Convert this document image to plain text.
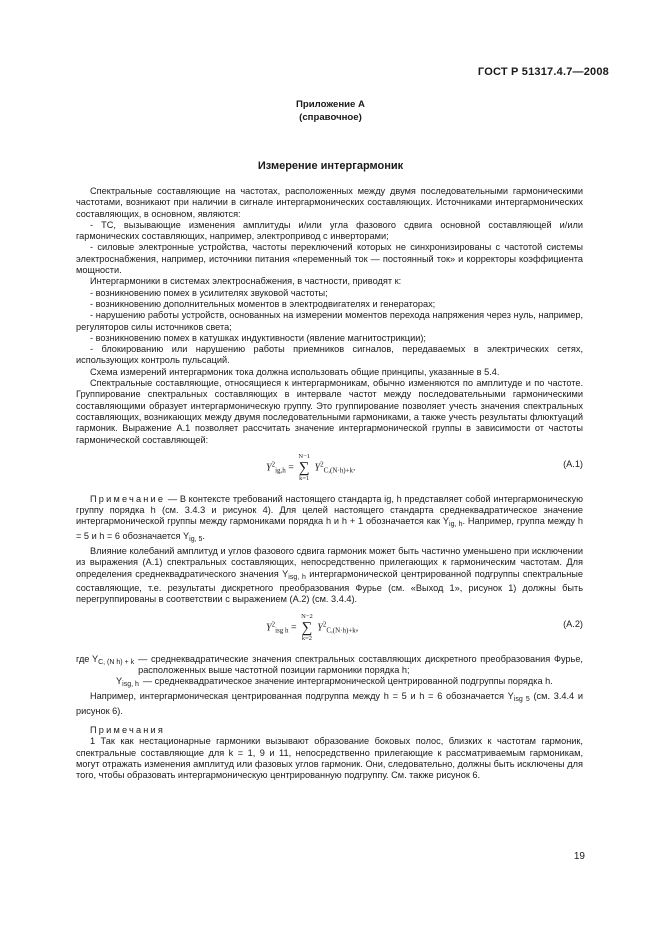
ГОСТ Р 51317.4.7—2008
Приложение А
(справочное)
Измерение интергармоник

Спектральные составляющие на частотах, расположенных между двумя последовательными гармоническими частотами, возникают при наличии в сигнале интергармонических составляющих. Источниками интергармонических составляющих, в основном, являются:

- ТС, вызывающие изменения амплитуды и/или угла фазового сдвига основной составляющей и/или гармонических составляющих, например, электропривод с инверторами;

- силовые электронные устройства, частоты переключений которых не синхронизированы с частотой системы электроснабжения, например, источники питания «переменный ток — постоянный ток» и корректоры коэффициента мощности.

Интергармоники в системах электроснабжения, в частности, приводят к:

- возникновению помех в усилителях звуковой частоты;

- возникновению дополнительных моментов в электродвигателях и генераторах;

- нарушению работы устройств, основанных на измерении моментов перехода напряжения через нуль, например, регуляторов силы источников света;

- возникновению помех в катушках индуктивности (явление магнитострикции);

- блокированию или нарушению работы приемников сигналов, передаваемых в электрических сетях, использующих контроль пульсаций.

Схема измерений интергармоник тока должна использовать общие принципы, указанные в 5.4.

Спектральные составляющие, относящиеся к интергармоникам, обычно изменяются по амплитуде и по частоте. Группирование спектральных составляющих в интервале частот между последовательными гармоническими составляющими образует интергармоническую группу. Это группирование позволяет учесть значения спектральных составляющих, возникающих между двумя последовательными гармониками, а также учесть результаты флюктуаций гармоник. Выражение А.1 позволяет рассчитать значение интергармонической группы в зависимости от частоты гармонической составляющей:

$Y^2_{ig,h}$ =
N−1
∑
k=1
$Y^2_{C,(N\cdot h)+k}$.	(А.1)

Примечание — В контексте требований настоящего стандарта ig, h представляет собой интергармоническую группу порядка h (см. 3.4.3 и рисунок 4). Для целей настоящего стандарта среднеквадратическое значение интергармонической группы между гармониками порядка h и h + 1 обозначается как $Y_{ig, h}$. Например, группа между h = 5 и h = 6 обозначается $Y_{ig, 5}$.

Влияние колебаний амплитуд и углов фазового сдвига гармоник может быть частично уменьшено при исключении из выражения (А.1) спектральных составляющих, непосредственно прилегающих к гармоническим частотам. Для определения среднеквадратического значения $Y_{isg, h}$ интергармонической центрированной подгруппы спектральные составляющие, т.е. результаты дискретного преобразования Фурье (см. «Выход 1», рисунок 1) должны быть перегруппированы в соответствии с выражением (А.2) (см. 3.4.4).

$Y^2_{isg h}$ =
N−2
∑
k=2
$Y^2_{C,(N\cdot h)+k}$,	(А.2)
где $Y_{C, (N h) + k}$ — среднеквадратические значения спектральных составляющих дискретного преобразования Фурье, расположенных выше частотной позиции гармоники порядка h;
$Y_{isg, h}$ — среднеквадратическое значение интергармонической центрированной подгруппы порядка h.

Например, интергармоническая центрированная подгруппа между h = 5 и h = 6 обозначается $Y_{isg 5}$ (см. 3.4.4 и рисунок 6).

Примечания

1 Так как нестационарные гармоники вызывают образование боковых полос, близких к частотам гармоник, спектральные составляющие для k = 1, 9 и 11, непосредственно прилегающие к рассматриваемым гармоникам, могут отражать изменения амплитуд или фазовых углов гармоник. Они, следовательно, должны быть исключены для того, чтобы образовать интергармоническую центрированную подгруппу. См. также рисунок 6.

19
